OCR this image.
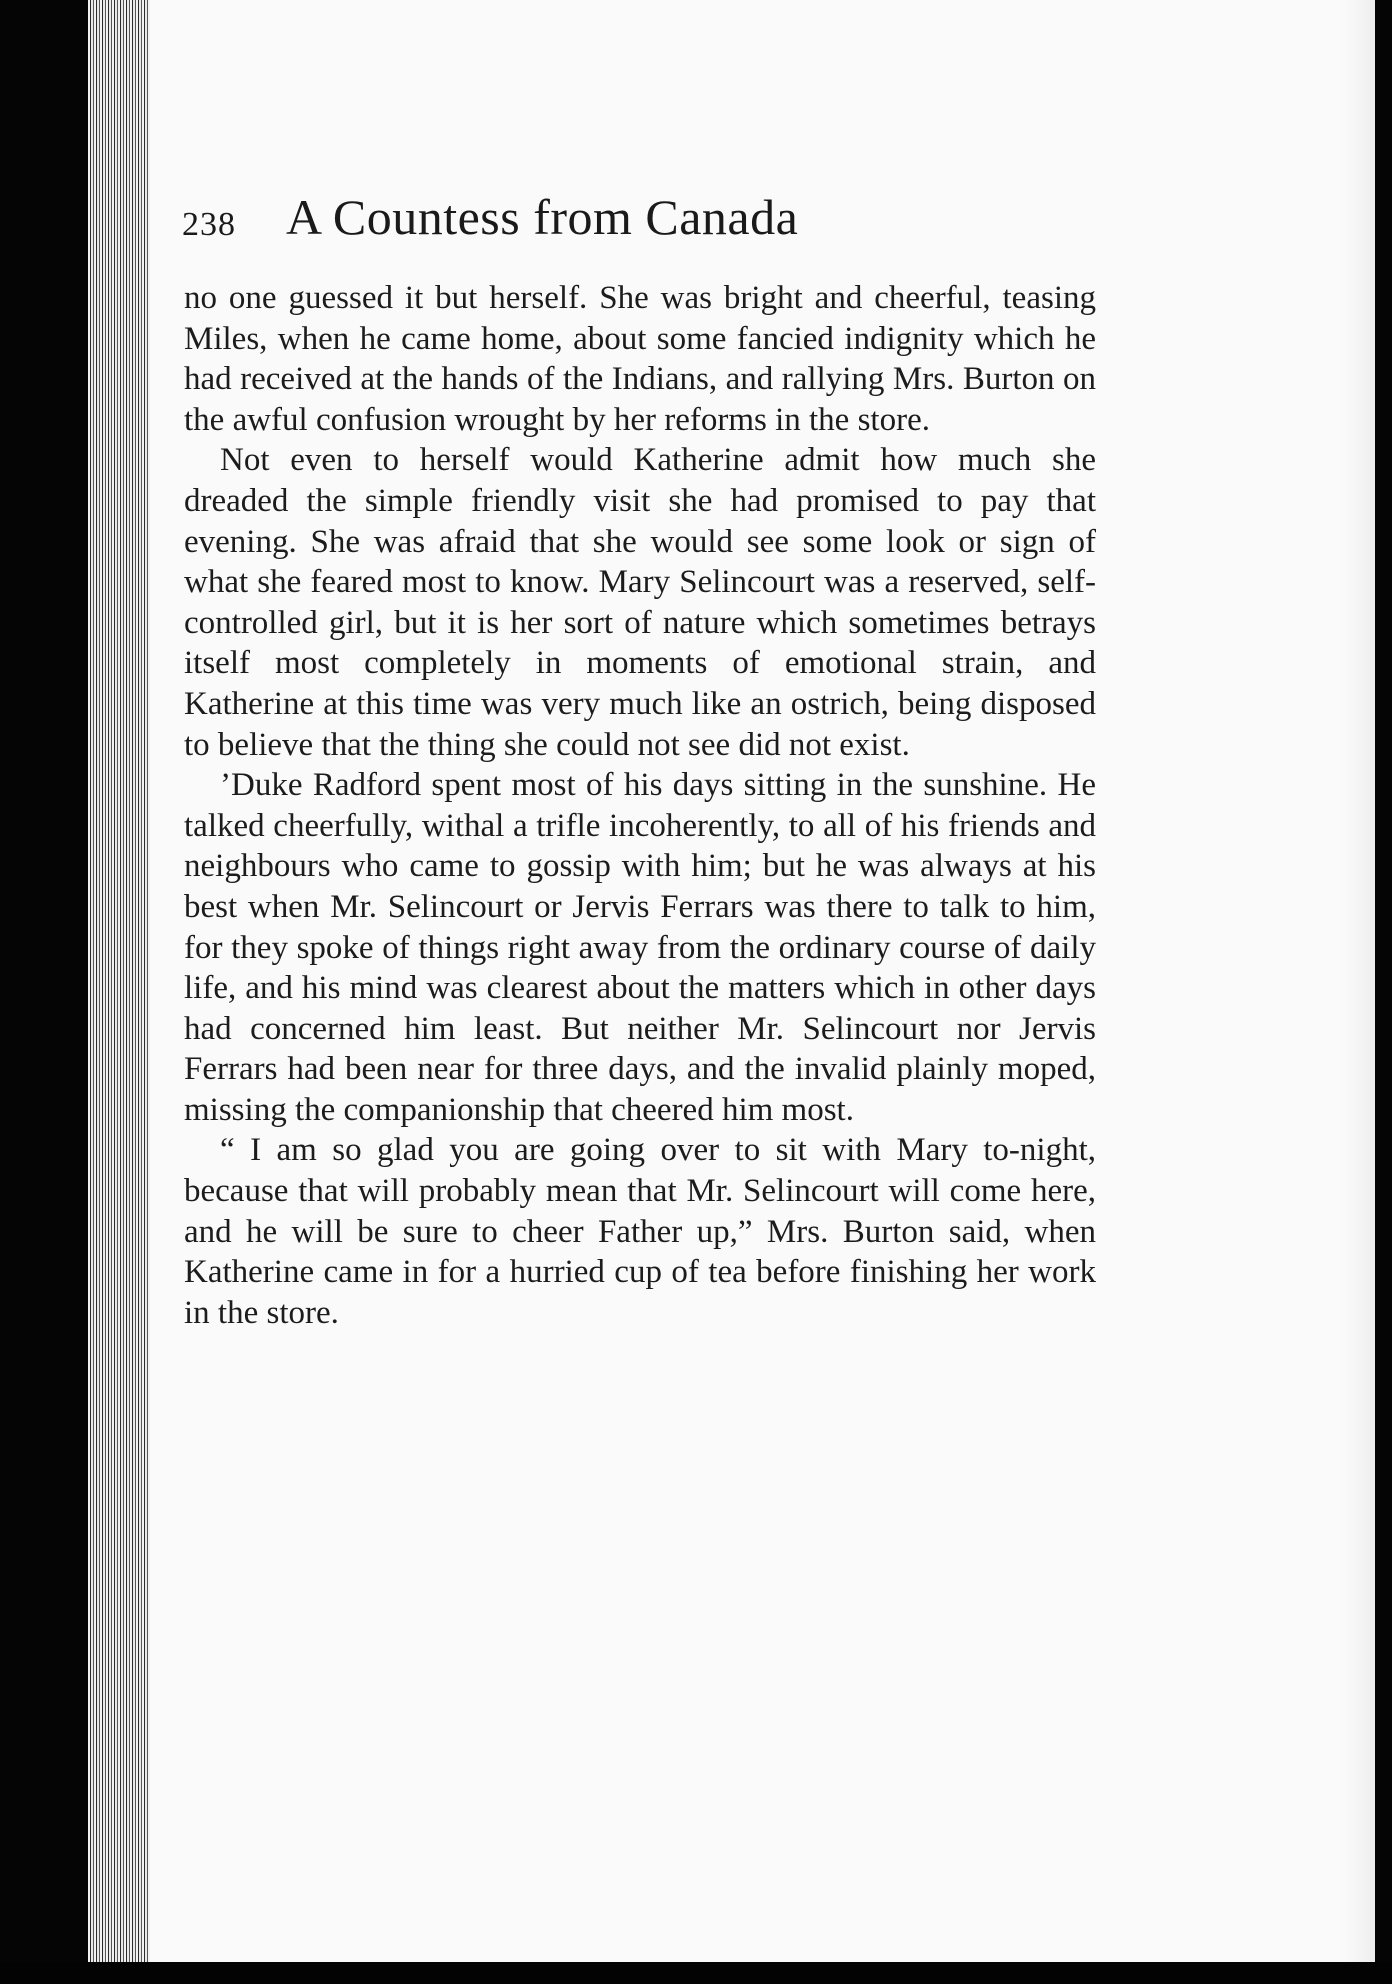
238 A Countess from Canada

no one guessed it but herself. She was bright and cheerful, teasing Miles, when he came home, about some fancied indignity which he had received at the hands of the Indians, and rallying Mrs. Burton on the awful confusion wrought by her reforms in the store.

Not even to herself would Katherine admit how much she dreaded the simple friendly visit she had promised to pay that evening. She was afraid that she would see some look or sign of what she feared most to know. Mary Selincourt was a reserved, self-controlled girl, but it is her sort of nature which sometimes betrays itself most completely in moments of emotional strain, and Katherine at this time was very much like an ostrich, being disposed to believe that the thing she could not see did not exist.

’Duke Radford spent most of his days sitting in the sunshine. He talked cheerfully, withal a trifle incoherently, to all of his friends and neighbours who came to gossip with him; but he was always at his best when Mr. Selincourt or Jervis Ferrars was there to talk to him, for they spoke of things right away from the ordinary course of daily life, and his mind was clearest about the matters which in other days had concerned him least. But neither Mr. Selincourt nor Jervis Ferrars had been near for three days, and the invalid plainly moped, missing the companionship that cheered him most.

“ I am so glad you are going over to sit with Mary to-night, because that will probably mean that Mr. Selincourt will come here, and he will be sure to cheer Father up,” Mrs. Burton said, when Katherine came in for a hurried cup of tea before finishing her work in the store.
